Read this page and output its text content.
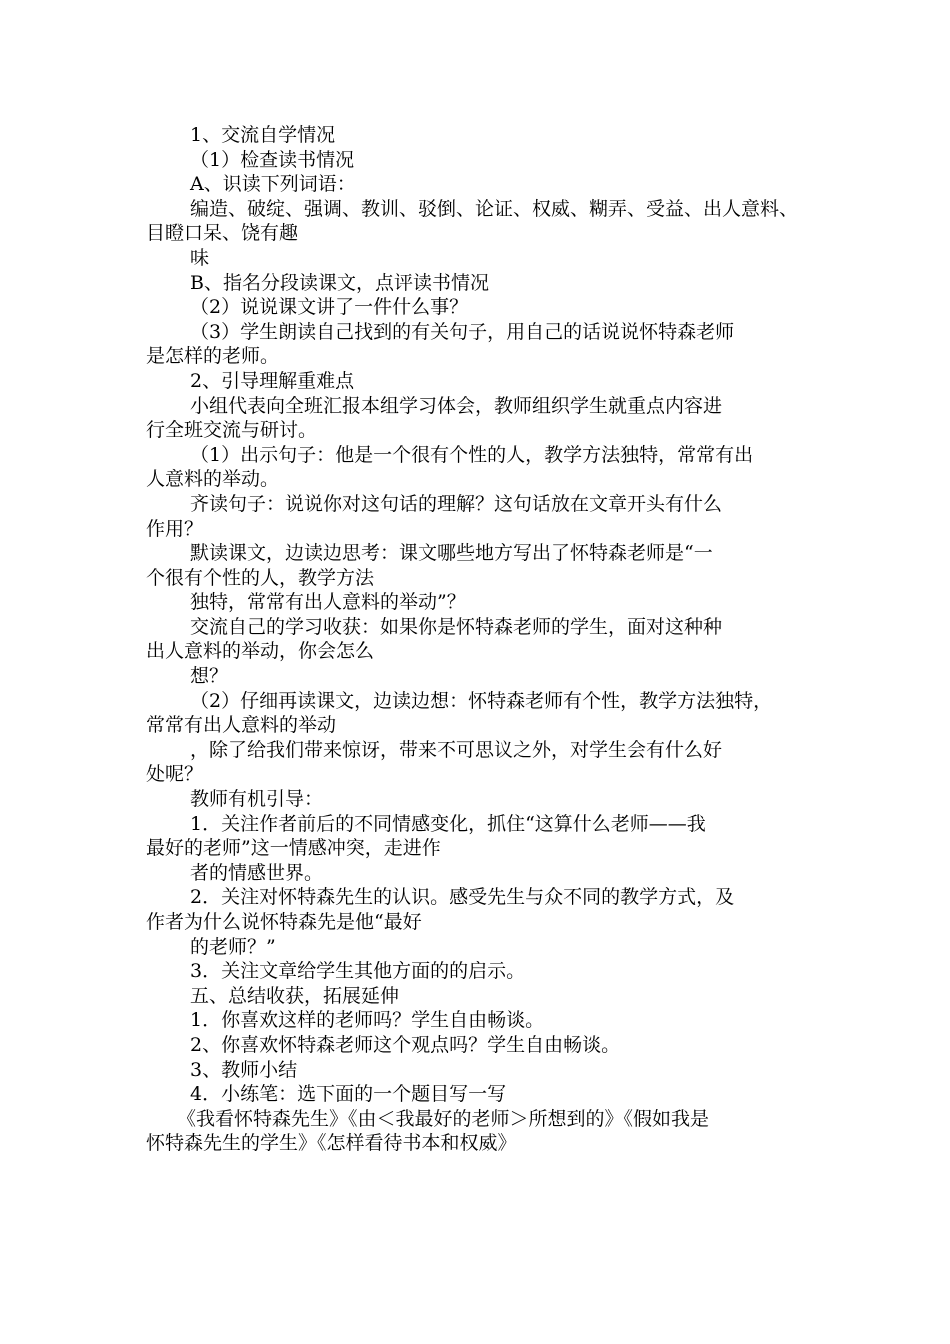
1、交流自学情况
（1）检查读书情况
A、识读下列词语：
编造、破绽、强调、教训、驳倒、论证、权威、糊弄、受益、出人意料、
目瞪口呆、饶有趣
味
B、指名分段读课文，点评读书情况
（2）说说课文讲了一件什么事？
（3）学生朗读自己找到的有关句子，用自己的话说说怀特森老师
是怎样的老师。
2、引导理解重难点
小组代表向全班汇报本组学习体会，教师组织学生就重点内容进
行全班交流与研讨。
（1）出示句子：他是一个很有个性的人，教学方法独特，常常有出
人意料的举动。
齐读句子：说说你对这句话的理解？这句话放在文章开头有什么
作用？
默读课文，边读边思考：课文哪些地方写出了怀特森老师是“一
个很有个性的人，教学方法
独特，常常有出人意料的举动”？
交流自己的学习收获：如果你是怀特森老师的学生，面对这种种
出人意料的举动，你会怎么
想？
（2）仔细再读课文，边读边想：怀特森老师有个性，教学方法独特，
常常有出人意料的举动
，除了给我们带来惊讶，带来不可思议之外，对学生会有什么好
处呢？
教师有机引导：
1．关注作者前后的不同情感变化，抓住“这算什么老师——我
最好的老师”这一情感冲突，走进作
者的情感世界。
2．关注对怀特森先生的认识。感受先生与众不同的教学方式，及
作者为什么说怀特森先是他“最好
的老师？”
3．关注文章给学生其他方面的的启示。
五、总结收获，拓展延伸
1．你喜欢这样的老师吗？学生自由畅谈。
2、你喜欢怀特森老师这个观点吗？学生自由畅谈。
3、教师小结
4．小练笔：选下面的一个题目写一写
《我看怀特森先生》《由＜我最好的老师＞所想到的》《假如我是
怀特森先生的学生》《怎样看待书本和权威》
